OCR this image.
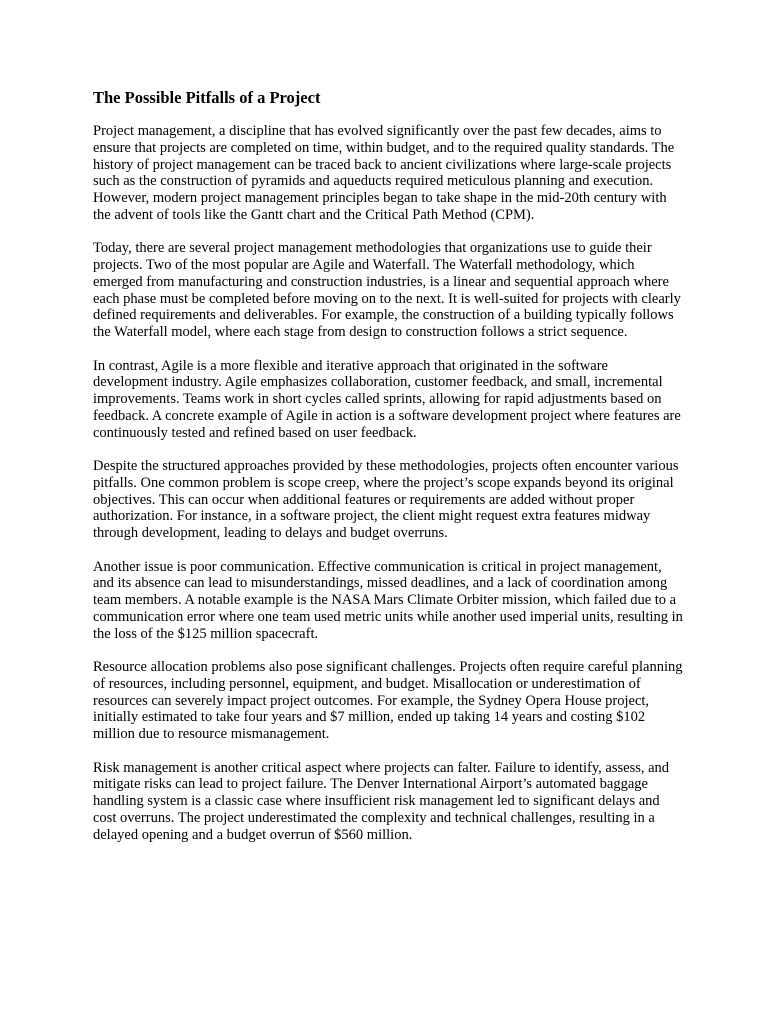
The Possible Pitfalls of a Project

Project management, a discipline that has evolved significantly over the past few decades, aims to ensure that projects are completed on time, within budget, and to the required quality standards. The history of project management can be traced back to ancient civilizations where large-scale projects such as the construction of pyramids and aqueducts required meticulous planning and execution. However, modern project management principles began to take shape in the mid-20th century with the advent of tools like the Gantt chart and the Critical Path Method (CPM).

Today, there are several project management methodologies that organizations use to guide their projects. Two of the most popular are Agile and Waterfall. The Waterfall methodology, which emerged from manufacturing and construction industries, is a linear and sequential approach where each phase must be completed before moving on to the next. It is well-suited for projects with clearly defined requirements and deliverables. For example, the construction of a building typically follows the Waterfall model, where each stage from design to construction follows a strict sequence.

In contrast, Agile is a more flexible and iterative approach that originated in the software development industry. Agile emphasizes collaboration, customer feedback, and small, incremental improvements. Teams work in short cycles called sprints, allowing for rapid adjustments based on feedback. A concrete example of Agile in action is a software development project where features are continuously tested and refined based on user feedback.

Despite the structured approaches provided by these methodologies, projects often encounter various pitfalls. One common problem is scope creep, where the project’s scope expands beyond its original objectives. This can occur when additional features or requirements are added without proper authorization. For instance, in a software project, the client might request extra features midway through development, leading to delays and budget overruns.

Another issue is poor communication. Effective communication is critical in project management, and its absence can lead to misunderstandings, missed deadlines, and a lack of coordination among team members. A notable example is the NASA Mars Climate Orbiter mission, which failed due to a communication error where one team used metric units while another used imperial units, resulting in the loss of the $125 million spacecraft.

Resource allocation problems also pose significant challenges. Projects often require careful planning of resources, including personnel, equipment, and budget. Misallocation or underestimation of resources can severely impact project outcomes. For example, the Sydney Opera House project, initially estimated to take four years and $7 million, ended up taking 14 years and costing $102 million due to resource mismanagement.

Risk management is another critical aspect where projects can falter. Failure to identify, assess, and mitigate risks can lead to project failure. The Denver International Airport’s automated baggage handling system is a classic case where insufficient risk management led to significant delays and cost overruns. The project underestimated the complexity and technical challenges, resulting in a delayed opening and a budget overrun of $560 million.
